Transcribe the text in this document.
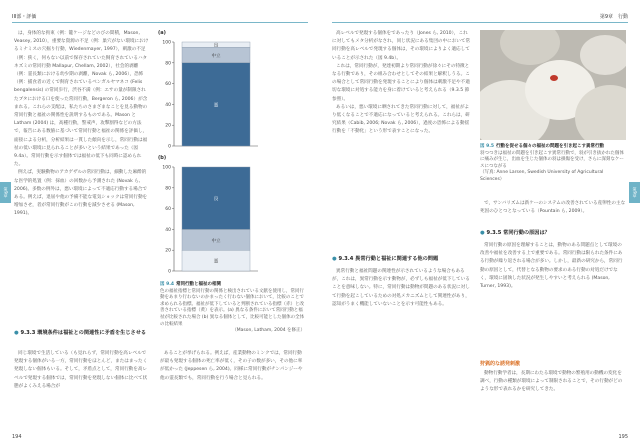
III部・評価
第9章

は，身体的な拘束（例：籠ケージなどのびの間積，Mason, Veasey, 2010），重要な資源の不足（例：巣穴がない環境におけるミナミスの穴掘り行動，Wiedenmayer, 1997），刺激の不足（例：狭く，何もない以前で保存されていた飼育されているハタネズミの常同行動 Mallapur, Chellam, 2002），社会的剥離（例：霊長類における幼少期の剥離，Novak ら, 2006），恐怖（例：捕食者の近くで飼育されているベンガルヤマネコ (Felis bengalensis) の常同歩行，渋谷不満（例：エサの量が制限されたブタにおける口を使った常同行動，Bergeron ら, 2006）が含まれる。これらの支配は，私たちのさまざまなことを見る動物の常同行動と福祉の関係性を説明するものである。Mason と Latham (2004) は，高種行動，警戒声，攻撃割得などの方法で，報告にある数値に基づいて常同行動と福祉の関係を評価し，面接による分析，分析結果は一貫した傾向を示し，常同行動は福祉の低い環境に見られることが多いという結果であった（図 9.4a）。常同行動を示す個体では福祉の低下も同時に認められた。

例えば，実験動物のアカゲザルの常同行動は，細動した麻酔的な医学的処置（例：採血）の回数から予測された (Novak ら, 2006)。多数の例外は，悪い環境によって不適応行動する場合である。例えば，退屈や他の予備不能な電気ショックは常同行動を増加させ，者が常同行動がこの行動を減少させる (Mason, 1991)。

● 9.3.3 環境条件は福祉との関連性に矛盾を生じさせる

同じ環境で生活している（も見れらず，常同行動を高レベルで発現する個体がいる一方，常同行動をほとんど，またはまったく発現しない個体もいる。そして，矛盾点として，常同行動を高レベルで発現する個体では，常同行動を発現しない個体に比べて状態がよくみえる場合が

(a)
0
20
40
60
80
100
悪
中立
良
(b)
0
20
40
60
80
100
悪
中立
良
図 9.4 常同行動と福祉の相関
色の福祉指標と常同行動の関係と検出されている文献を使用し，常同行動をあまり行わないのかまったく行わない個体において，比較のことで求められる指標。福祉が低下していると判断されている指標（赤）と改善されている指標（黄）を表示。(a) 異なる条件において常同行動と福祉が比較された場合 (b) 異なる個体として，比較可能とした個体の全体の比較結果
（Mason, Latham, 2004 を修正）

あることが挙げられる。例えば，産業動物のミンクでは，常同行動が最も発現する個体の死亡率が低く，その子の数が多い，その他に率が低かった (Jeppesen ら, 2004)。同様に常同行動がチンパンジーや他の霊長類でも，常同行動を行う場合と見られる。

194
第9章　行動
第9章

高レベルで発現する個体をであったり（Jones ら, 2010），これに対してもメタ分析がなされ，同じ状況にある集団の中において常同行動を高レベルで発現する個体は，その環境によりよく適応していることが示された（図 9.4b）。

これは，常同行動が，発達初期より常同行動が徐々にその特徴となる行動であり，その組み合わせとしてその結果と解釈しうる。この場合として常同行動を発現することにより個体は刺激不足や不適切な環境に対処する能力を身に着けていると考えられる（9.3.5 節参照）。

あるいは，悪い環境に晒されてきた常同行動に対して，福祉がより低くなることで不適応になっていると考えられる。これらは，研究結果（Cabib, 2006; Novak ら, 2006），過度の恐怖による動揺行動を「不動化」という形で表すことになった。

● 9.3.4 異常行動と福祉に関連する他の問題

異常行動と福祉問題の関連性が示されているような場合もあるが，これは，異常行動を示す動物が，必ずしも福祉が低下していることを意味しない。特に，常同行動は動物が問題のある状況に対して行動を起こしているための対処メカニズムとして関連性があり，認知がうまく機能していないことを示す可能性もある。

図 9.5 行動を促せる個々の福祉の問題を引き起こす異常行動
羽つつきは福祉の問題を引き起こす異常行動で，羽が引き抜かれた個体に痛みが生じ，出血を生じた個体の羽は損傷を受け，さらに深刻なケースにつながる
（写真: Anne Larsen, Swedish University of Agricultural Sciences）

で，サンバリズムは新ケーのシステムの改善されている産卵性の主な死因のひとつとなっている（Pountain ら, 2009）。

● 9.3.5 常同行動の原因は？

常同行動の原因を理解することは，動物のある問題点として環境の改善や福祉を改善する上で重要である。常同行動は限られた条件にある行動が繰り返される場合が多い。しかし，最新の研究から，常同行動の原因として，代替となる動物の要求のある行動の対処だけでなく，環境に固執した状況が発生しやすいと考えられる (Mason, Turner, 1993)。

狩猟的な誘発刺激

動物行動学者は，長期にわたる環境で動物の繁殖用の動機の変化を調べ，行動の種類が環境によって制限されることで，その行動がどのような形で表れるかを研究してきた。

195
